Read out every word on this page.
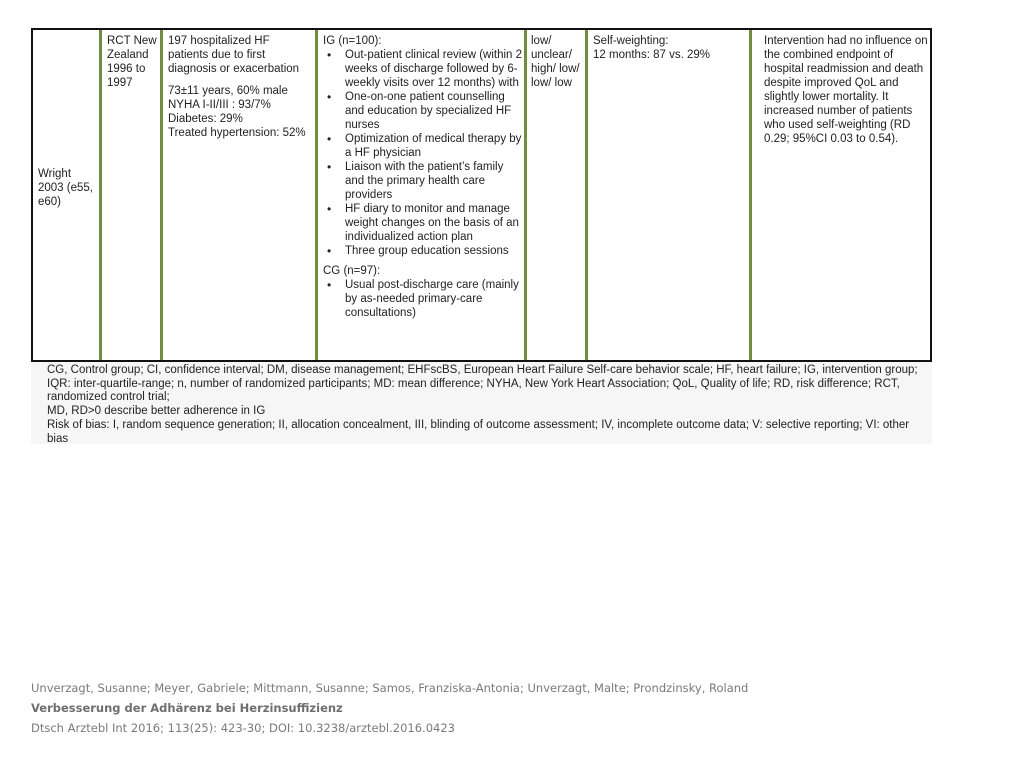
Wright 2003 (e55, e60)
RCT New Zealand 1996 to 1997
197 hospitalized HF patients due to first diagnosis or exacerbation
73±11 years, 60% male
NYHA I-II/III : 93/7%
Diabetes: 29%
Treated hypertension: 52%
IG (n=100):
• Out-patient clinical review (within 2 weeks of discharge followed by 6-weekly visits over 12 months) with
• One-on-one patient counselling and education by specialized HF nurses
• Optimization of medical therapy by a HF physician
• Liaison with the patient’s family and the primary health care providers
• HF diary to monitor and manage weight changes on the basis of an individualized action plan
• Three group education sessions
CG (n=97):
• Usual post-discharge care (mainly by as-needed primary-care consultations)
low/ unclear/ high/ low/ low/ low
Self-weighting:
12 months: 87 vs. 29%
Intervention had no influence on the combined endpoint of hospital readmission and death despite improved QoL and slightly lower mortality. It increased number of patients who used self-weighting (RD 0.29; 95%CI 0.03 to 0.54).
CG, Control group; CI, confidence interval; DM, disease management; EHFscBS, European Heart Failure Self-care behavior scale; HF, heart failure; IG, intervention group; IQR: inter-quartile-range; n, number of randomized participants; MD: mean difference; NYHA, New York Heart Association; QoL, Quality of life; RD, risk difference; RCT, randomized control trial;
MD, RD>0 describe better adherence in IG
Risk of bias: I, random sequence generation; II, allocation concealment, III, blinding of outcome assessment; IV, incomplete outcome data; V: selective reporting; VI: other bias
Unverzagt, Susanne; Meyer, Gabriele; Mittmann, Susanne; Samos, Franziska-Antonia; Unverzagt, Malte; Prondzinsky, Roland
Verbesserung der Adhärenz bei Herzinsuffizienz
Dtsch Arztebl Int 2016; 113(25): 423-30; DOI: 10.3238/arztebl.2016.0423
